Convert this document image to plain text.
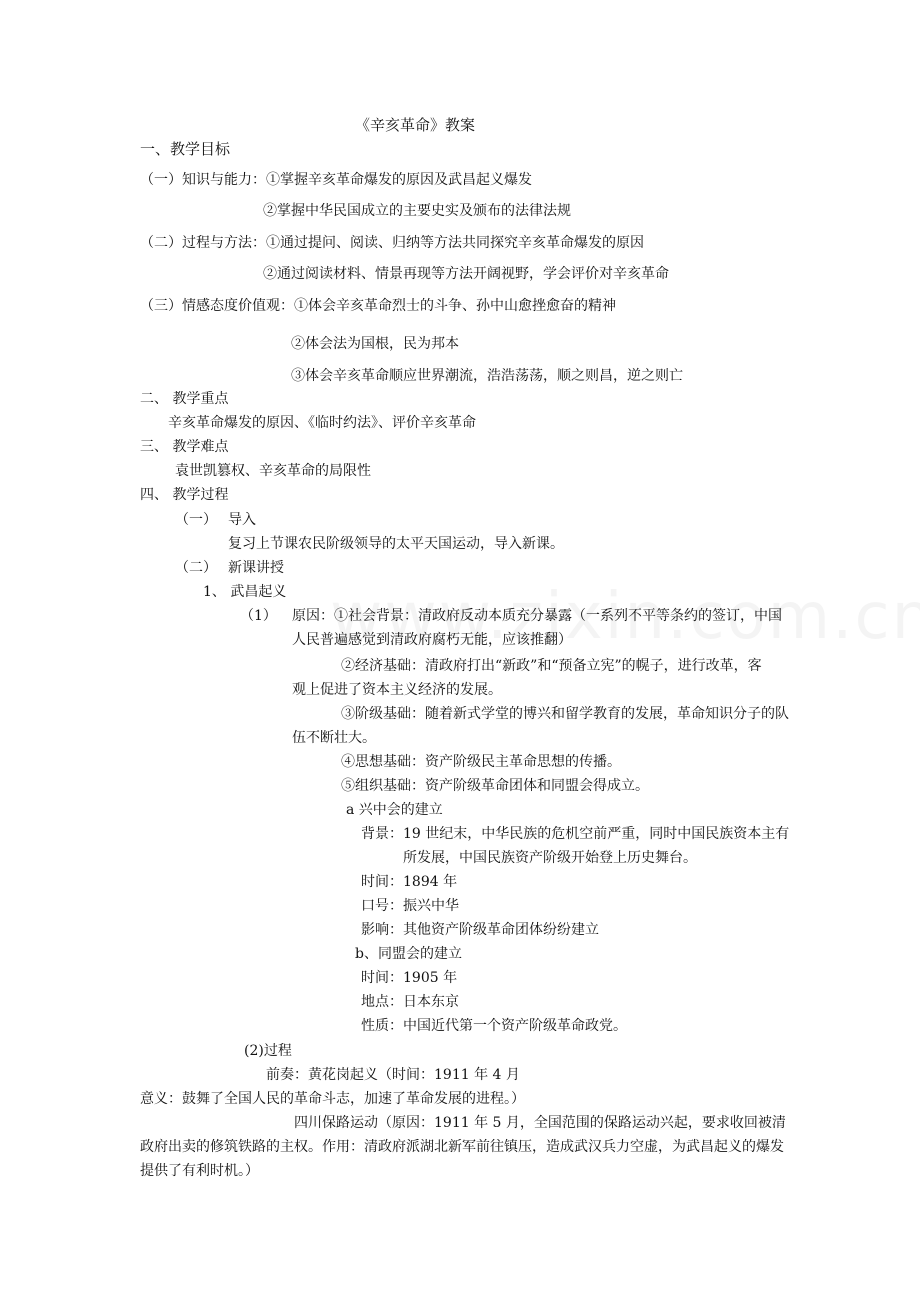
《辛亥革命》教案
一、教学目标
（一）知识与能力：①掌握辛亥革命爆发的原因及武昌起义爆发
②掌握中华民国成立的主要史实及颁布的法律法规
（二）过程与方法：①通过提问、阅读、归纳等方法共同探究辛亥革命爆发的原因
②通过阅读材料、情景再现等方法开阔视野，学会评价对辛亥革命
（三）情感态度价值观：①体会辛亥革命烈士的斗争、孙中山愈挫愈奋的精神
②体会法为国根，民为邦本
③体会辛亥革命顺应世界潮流，浩浩荡荡，顺之则昌，逆之则亡
二、 教学重点
辛亥革命爆发的原因、《临时约法》、评价辛亥革命
三、 教学难点
袁世凯篡权、辛亥革命的局限性
四、 教学过程
（一） 导入
复习上节课农民阶级领导的太平天国运动，导入新课。
（二） 新课讲授
1、 武昌起义
（1） 原因：①社会背景：清政府反动本质充分暴露（一系列不平等条约的签订，中国
人民普遍感觉到清政府腐朽无能，应该推翻）
②经济基础：清政府打出“新政”和“预备立宪”的幌子，进行改革，客
观上促进了资本主义经济的发展。
③阶级基础：随着新式学堂的博兴和留学教育的发展，革命知识分子的队
伍不断壮大。
④思想基础：资产阶级民主革命思想的传播。
⑤组织基础：资产阶级革命团体和同盟会得成立。
a 兴中会的建立
背景：19 世纪末，中华民族的危机空前严重，同时中国民族资本主有
所发展，中国民族资产阶级开始登上历史舞台。
时间：1894 年
口号：振兴中华
影响：其他资产阶级革命团体纷纷建立
b、同盟会的建立
时间：1905 年
地点：日本东京
性质：中国近代第一个资产阶级革命政党。
(2)过程
前奏：黄花岗起义（时间：1911 年 4 月
意义：鼓舞了全国人民的革命斗志，加速了革命发展的进程。）
四川保路运动（原因：1911 年 5 月，全国范围的保路运动兴起，要求收回被清
政府出卖的修筑铁路的主权。作用：清政府派湖北新军前往镇压，造成武汉兵力空虚，为武昌起义的爆发
提供了有利时机。）
